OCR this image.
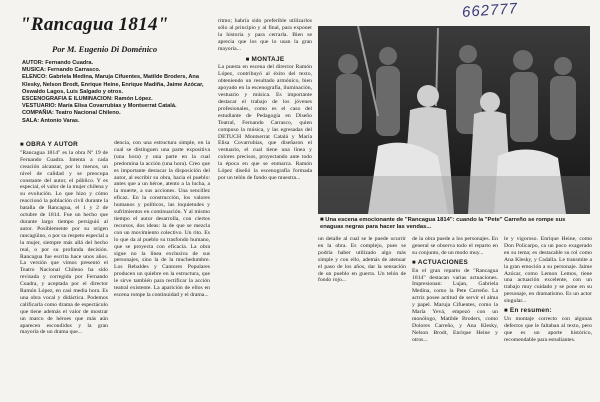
662777
"Rancagua 1814"
Por M. Eugenio Di Doménico
AUTOR: Fernando Cuadra.
MUSICA: Fernando Carrasco.
ELENCO: Gabriela Medina, Maruja Cifuentes, Matilde Broders, Ana Klesky, Nelson Brodt, Enrique Heine, Enrique Madiña, Jaime Azócar, Oswaldo Lagos, Luis Salgado y otros.
ESCENOGRAFIA E ILUMINACION: Ramón López.
VESTUARIO: María Elisa Covarrubias y Montserrat Catalá.
COMPAÑIA: Teatro Nacional Chileno.
SALA: Antonio Varas.
■ OBRA Y AUTOR
"Rancagua 1814" es la obra Nº 19 de Fernando Cuadra. Intenta a cada creación alcanzar, por lo menos, un nivel de calidad y se preocupa constante del autor, el público. Y es especial, el valor de la mujer chilena y su evolución. Lo que hizo y cómo reaccionó la población civil durante la batalla de Rancagua, el 1 y 2 de octubre de 1814. Fue un hecho que durante largo tiempo persiguió al autor. Posiblemente por su origen rancagüino, o por su respeto especial a la mujer, siempre más allá del hecho real, o por su profunda decisión. Rancagua fue escrita hace unos años. La versión que vimos presentó el Teatro Nacional Chileno ha sido revisada y corregida por Fernando Cuadra, y aceptada por el director Ramón López, en casi media hora. Es una obra vocal y didáctica. Podemos calificarla como drama de espectáculo que tiene además el valor de mostrar un marco de héroes que más aún aparecen escondidos y la gran mayoría de un drama que...
dencia, con una estructura simple, en la cual se distinguen una parte expositiva (una hora) y una parte en la cual predomina la acción (una hora). Creo que es importante destacar la disposición del autor, al escribir su obra, hacia el pueblo: antes que a un héroe, atento a la lucha, a la muerte, a sus acciones. Una sencillez eficaz. En la construcción, los valores humanos y políticos, las inquietudes y sufrimientos en continuación. Y al mismo tiempo el autor desarrolla, con ciertos recursos, dos ideas: la de que se mezcla con un movimiento colectivo. Un rito. Es lo que da al pueblo su trasfondo humano, que se proyecta con eficacia. La obra sigue no la línea exclusiva de sus personajes, sino la de la muchedumbre. Los Rebaldes y Cantores Populares producen un quiebre en la estructura, que le sirve también para rectificar la acción teatral existente. La aparición de ellos en escena rompe la continuidad y el drama...
ritmo; habría sido preferible utilizarlos sólo al principio y al final, para exponer la historia y para cerrarla. Bien se aprecia que los que lo usan la gran mayoría...
■ MONTAJE
La puesta en escena del director Ramón López, contribuyó al éxito del texto, obteniendo un resultado armónico, bien apoyado en la escenografía, iluminación, vestuario y música. Es importante destacar el trabajo de los jóvenes profesionales, como es el caso del estudiante de Pedagogía en Diseño Teatral, Fernando Carrasco, quien compuso la música, y las egresadas del DETUCH Montserrat Catalá y María Elisa Covarrubias, que diseñaron el vestuario, el cual tiene una línea y colores precisos, proyectando ante todo la época en que se enmarca. Ramón López diseñó la escenografía formada por un telón de fondo que muestra...
■ Una escena emocionante de "Rancagua 1814": cuando la "Pete" Carreño se rompe sus enaguas negras para hacer las vendas...
un detalle al cual se le puede ocurrir en la obra. Es complejo, pues se podría haber utilizado algo más simple y con ello, además de atenuar el paso de los años, dar la sensación de un pueblo en guerra. Un telón de fondo rojo...
de la obra puede a los personajes. En general se observa todo el reparto en su conjunto, de un modo muy...
■ ACTUACIONES
En el gran reparto de "Rancagua 1814" destacan varias actuaciones. Impresionan: Lujan, Gabriela Medina, como la Pete Carreño. La actriz posee actitud de servir el alma y papel. Maruja Cifuentes, como la María Yevá, empezó con un monólogo, Matilde Broders, como Dolores Carreño, y Ana Klesky, Nelson Brodt, Enrique Heine y otros...
le y vigoroso. Enrique Heine, como Don Policarpo, ca un poco exagerado en su tema; es destacable su rol como Ana Klesky, y Cadalla. Le transmite a la gran emoción a su personaje. Jaime Azócar, como Lemon Lemos, tiene una actuación excelente, con un trabajo muy cuidado y se pone en su personaje, en dramatismo. Es un actor singular...
■ En resumen:
Un montaje correcto con algunas defectos que le faltaban al texto, pero que es un aporte histórico, recomendable para estudiantes.
